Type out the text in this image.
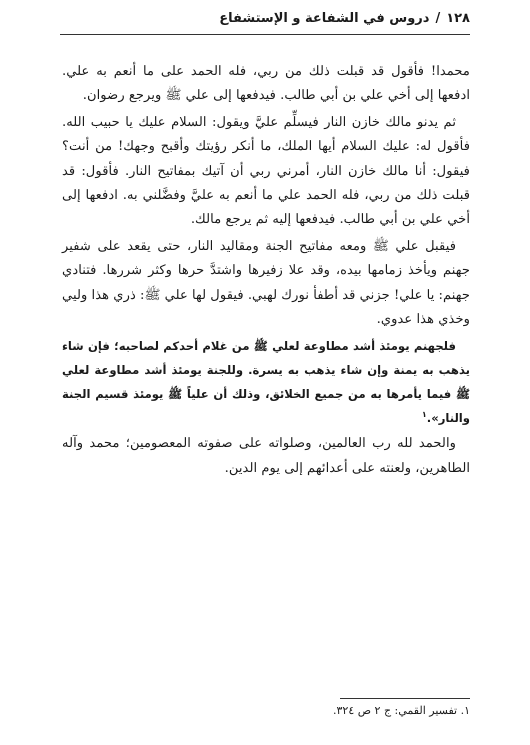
١٢٨
/
دروس في الشفاعة و الإستشفاع

محمدا! فأقول قد قبلت ذلك من ربي، فله الحمد على ما أنعم به علي. ادفعها إلى أخي علي بن أبي طالب. فيدفعها إلى علي ﷺ ويرجع رضوان.

ثم يدنو مالك خازن النار فيسلِّم عليَّ ويقول: السلام عليك يا حبيب الله. فأقول له: عليك السلام أيها الملك، ما أنكر رؤيتك وأقبح وجهك! من أنت؟ فيقول: أنا مالك خازن النار، أمرني ربي أن آتيك بمفاتيح النار. فأقول: قد قبلت ذلك من ربي، فله الحمد علي ما أنعم به عليَّ وفضَّلني به. ادفعها إلى أخي علي بن أبي طالب. فيدفعها إليه ثم يرجع مالك.

فيقبل علي ﷺ ومعه مفاتيح الجنة ومقاليد النار، حتى يقعد على شفير جهنم ويأخذ زمامها بيده، وقد علا زفيرها واشتدَّ حرها وكثر شررها. فتنادي جهنم: يا علي! جزني قد أطفأ نورك لهبي. فيقول لها علي ﷺ: ذري هذا وليي وخذي هذا عدوي.

فلجهنم يومئذ أشد مطاوعة لعلي ﷺ من غلام أحدكم لصاحبه؛ فإن شاء يذهب به يمنة وإن شاء يذهب به يسرة. وللجنة يومئذ أشد مطاوعة لعلي ﷺ فيما يأمرها به من جميع الخلائق، وذلك أن علياً ﷺ يومئذ قسيم الجنة والنار».$^١$

والحمد لله رب العالمين، وصلواته على صفوته المعصومين؛ محمد وآله الطاهرين، ولعنته على أعدائهم إلى يوم الدين.

١. تفسير القمي: ج ٢ ص ٣٢٤.
